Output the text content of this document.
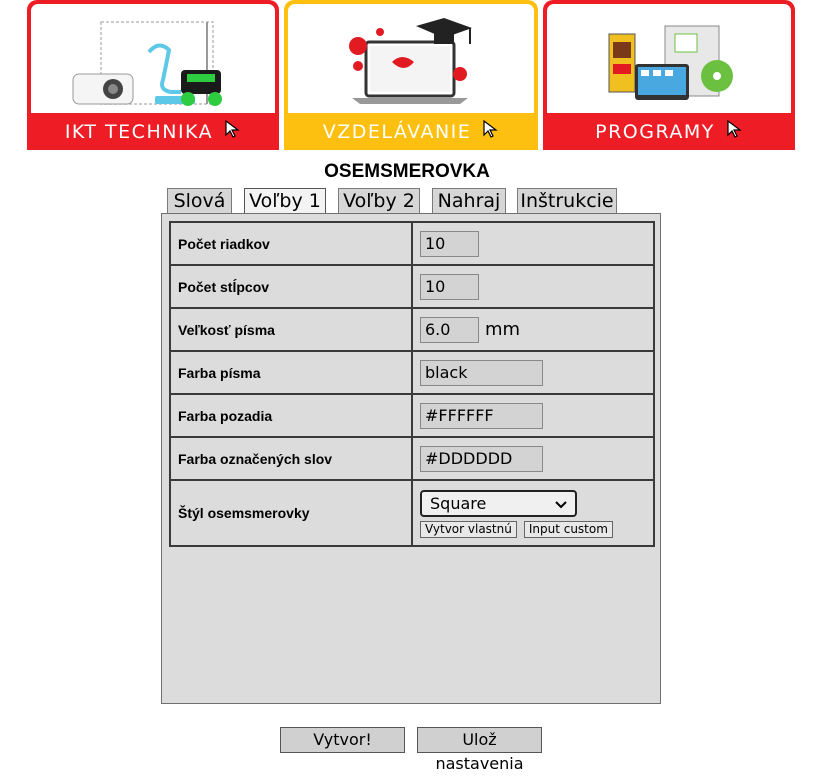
IKT TECHNIKA	VZDELÁVANIE	PROGRAMY
OSEMSMEROVKA
Slová	Voľby 1 Voľby 2 Nahraj Inštrukcie
Počet riadkov	10
Počet stĺpcov	10
Veľkosť písma	6.0 mm
Farba písma	black
Farba pozadia	#FFFFFF
Farba označených slov	#DDDDDD
Štýl osemsmerovky	Square
Vytvor vlastnú Input custom
Vytvor!	Ulož nastavenia
